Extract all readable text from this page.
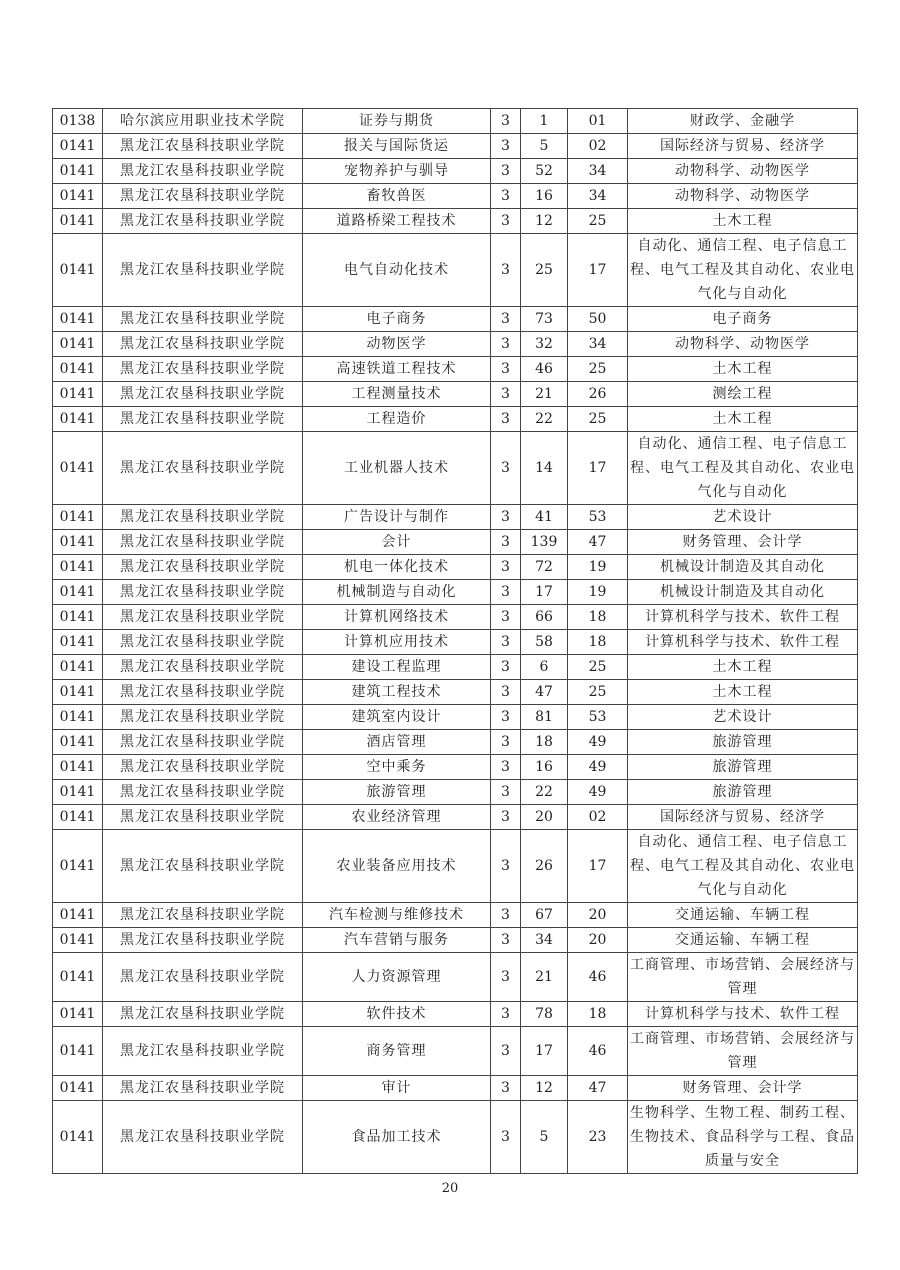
0138	哈尔滨应用职业技术学院	证券与期货	3	1	01	财政学、金融学
0141	黑龙江农垦科技职业学院	报关与国际货运	3	5	02	国际经济与贸易、经济学
0141	黑龙江农垦科技职业学院	宠物养护与驯导	3	52	34	动物科学、动物医学
0141	黑龙江农垦科技职业学院	畜牧兽医	3	16	34	动物科学、动物医学
0141	黑龙江农垦科技职业学院	道路桥梁工程技术	3	12	25	土木工程
0141	黑龙江农垦科技职业学院	电气自动化技术	3	25	17	自动化、通信工程、电子信息工程、电气工程及其自动化、农业电气化与自动化
0141	黑龙江农垦科技职业学院	电子商务	3	73	50	电子商务
0141	黑龙江农垦科技职业学院	动物医学	3	32	34	动物科学、动物医学
0141	黑龙江农垦科技职业学院	高速铁道工程技术	3	46	25	土木工程
0141	黑龙江农垦科技职业学院	工程测量技术	3	21	26	测绘工程
0141	黑龙江农垦科技职业学院	工程造价	3	22	25	土木工程
0141	黑龙江农垦科技职业学院	工业机器人技术	3	14	17	自动化、通信工程、电子信息工程、电气工程及其自动化、农业电气化与自动化
0141	黑龙江农垦科技职业学院	广告设计与制作	3	41	53	艺术设计
0141	黑龙江农垦科技职业学院	会计	3	139	47	财务管理、会计学
0141	黑龙江农垦科技职业学院	机电一体化技术	3	72	19	机械设计制造及其自动化
0141	黑龙江农垦科技职业学院	机械制造与自动化	3	17	19	机械设计制造及其自动化
0141	黑龙江农垦科技职业学院	计算机网络技术	3	66	18	计算机科学与技术、软件工程
0141	黑龙江农垦科技职业学院	计算机应用技术	3	58	18	计算机科学与技术、软件工程
0141	黑龙江农垦科技职业学院	建设工程监理	3	6	25	土木工程
0141	黑龙江农垦科技职业学院	建筑工程技术	3	47	25	土木工程
0141	黑龙江农垦科技职业学院	建筑室内设计	3	81	53	艺术设计
0141	黑龙江农垦科技职业学院	酒店管理	3	18	49	旅游管理
0141	黑龙江农垦科技职业学院	空中乘务	3	16	49	旅游管理
0141	黑龙江农垦科技职业学院	旅游管理	3	22	49	旅游管理
0141	黑龙江农垦科技职业学院	农业经济管理	3	20	02	国际经济与贸易、经济学
0141	黑龙江农垦科技职业学院	农业装备应用技术	3	26	17	自动化、通信工程、电子信息工程、电气工程及其自动化、农业电气化与自动化
0141	黑龙江农垦科技职业学院	汽车检测与维修技术	3	67	20	交通运输、车辆工程
0141	黑龙江农垦科技职业学院	汽车营销与服务	3	34	20	交通运输、车辆工程
0141	黑龙江农垦科技职业学院	人力资源管理	3	21	46	工商管理、市场营销、会展经济与管理
0141	黑龙江农垦科技职业学院	软件技术	3	78	18	计算机科学与技术、软件工程
0141	黑龙江农垦科技职业学院	商务管理	3	17	46	工商管理、市场营销、会展经济与管理
0141	黑龙江农垦科技职业学院	审计	3	12	47	财务管理、会计学
0141	黑龙江农垦科技职业学院	食品加工技术	3	5	23	生物科学、生物工程、制药工程、生物技术、食品科学与工程、食品质量与安全
20
